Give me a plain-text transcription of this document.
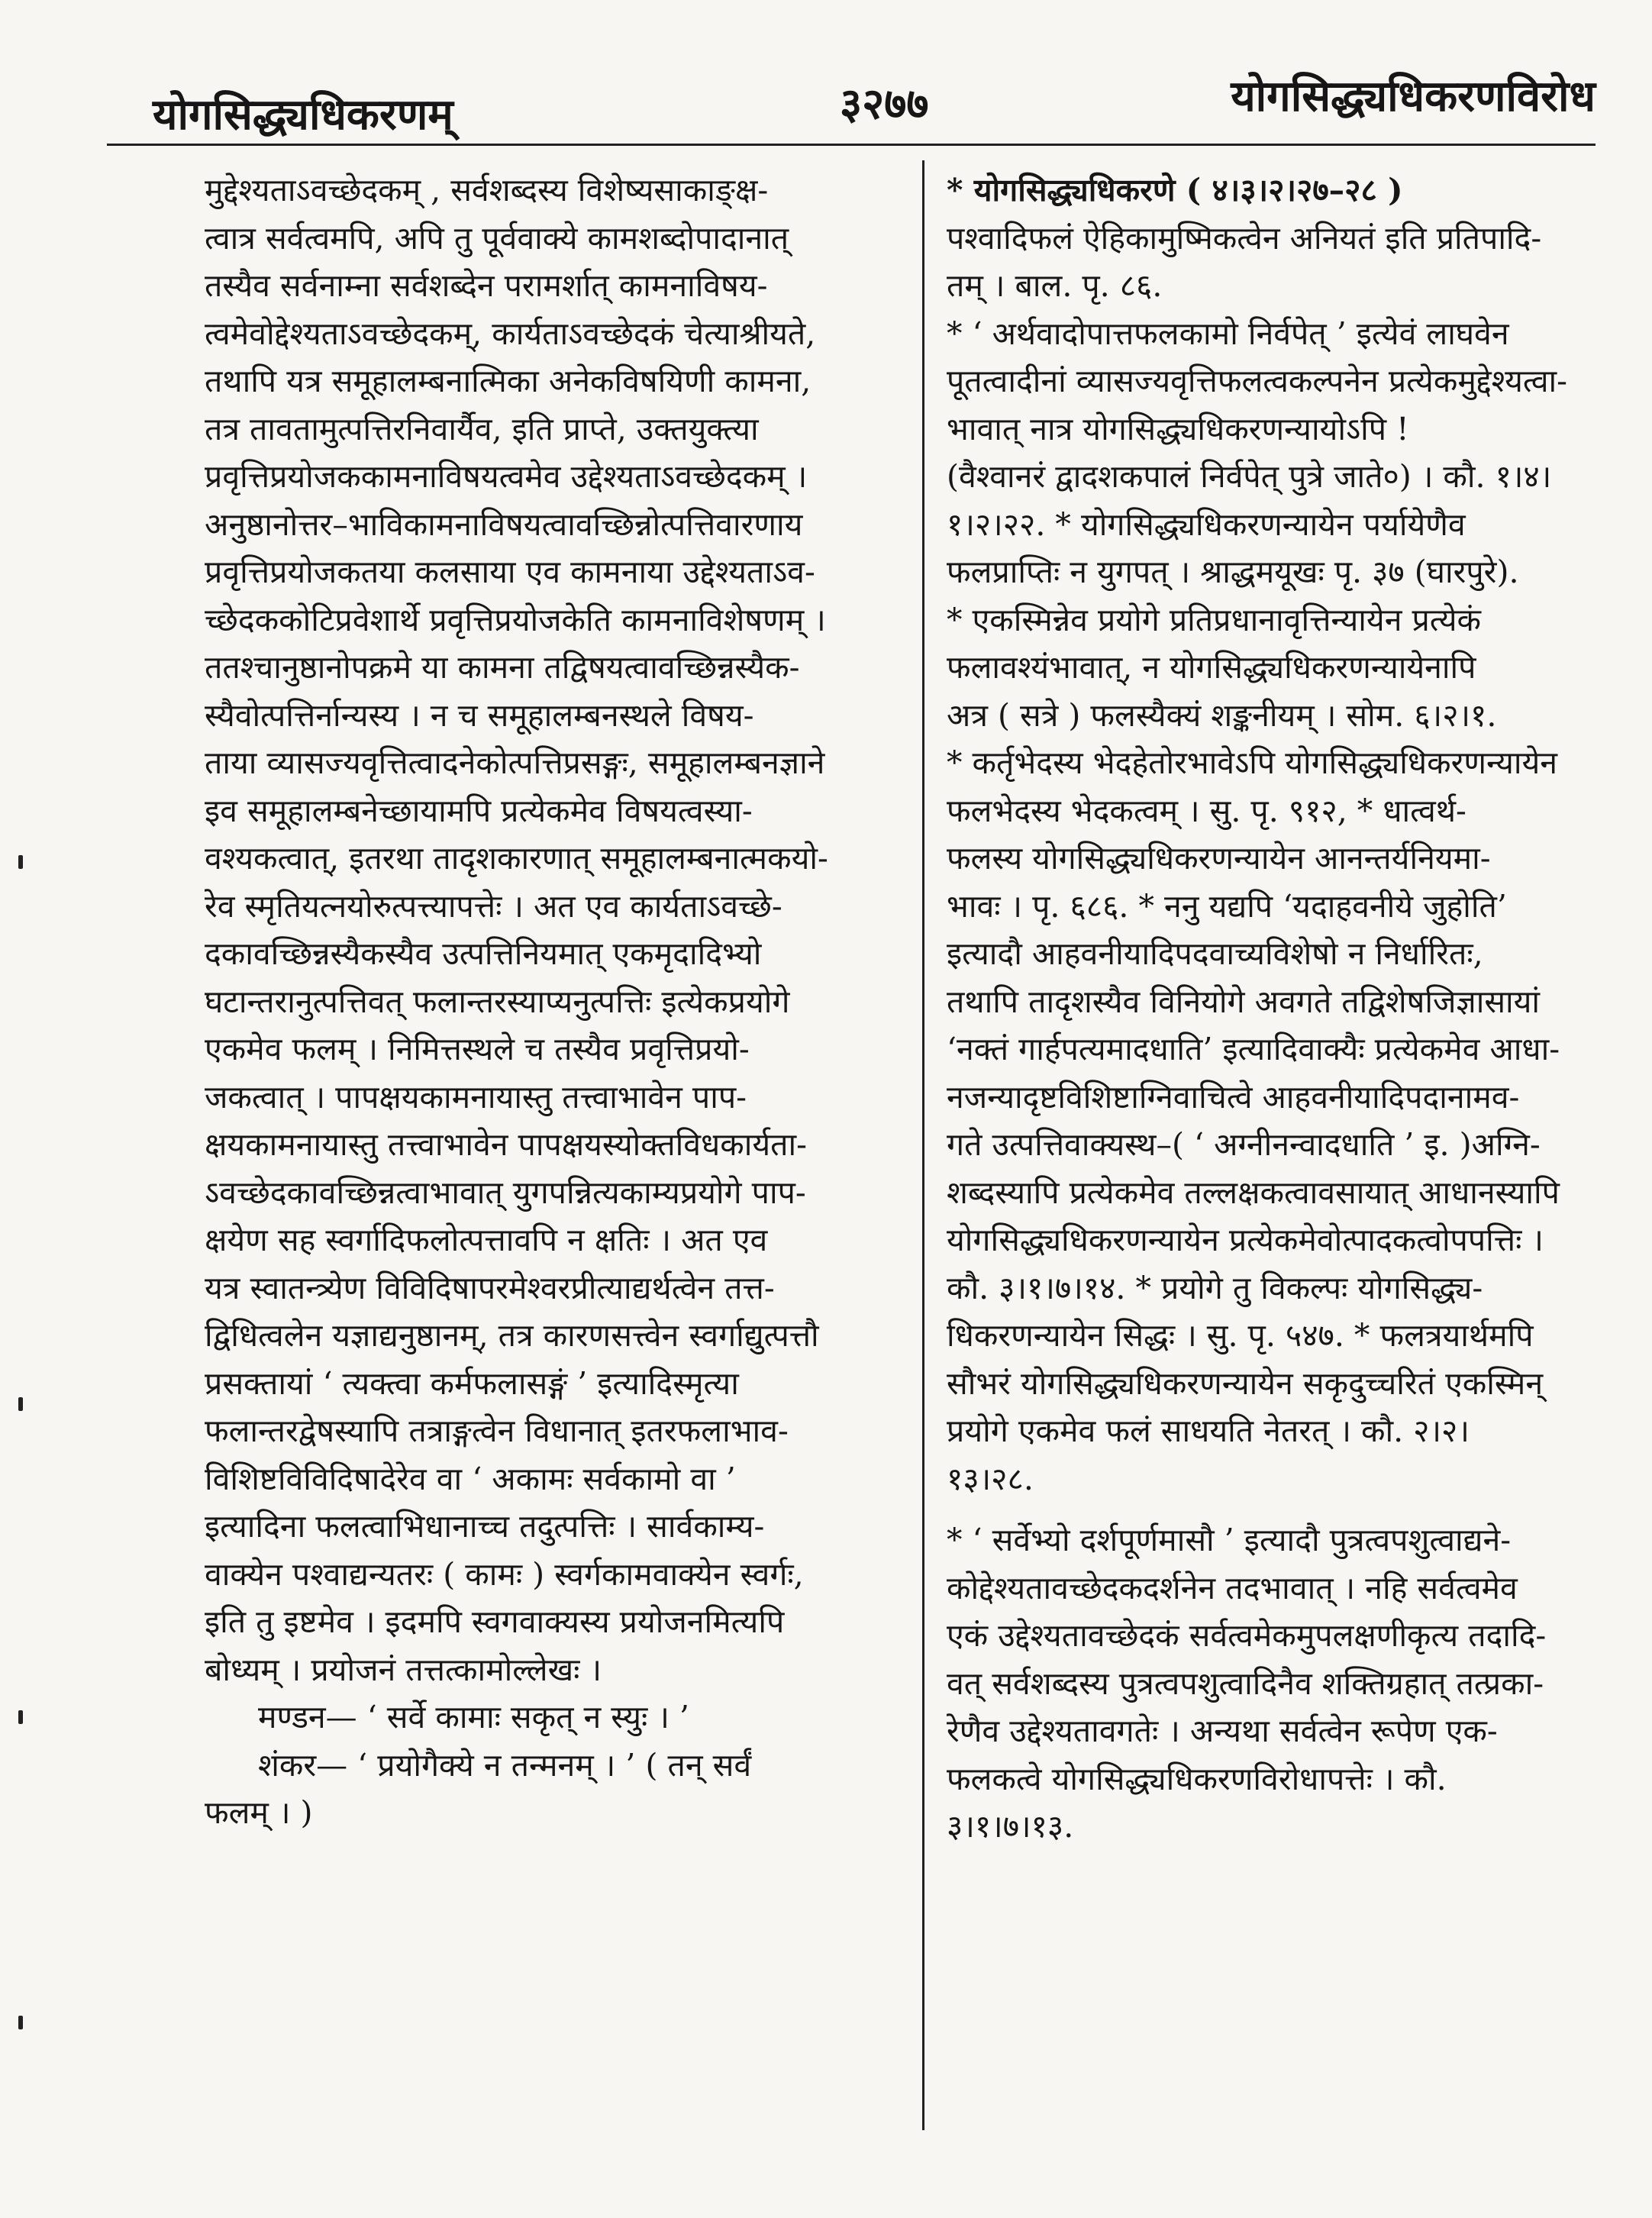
योगसिद्ध्यधिकरणम्	३२७७	योगसिद्ध्यधिकरणविरोध
मुद्देश्यताऽवच्छेदकम् , सर्वशब्दस्य विशेष्यसाकाङ्क्ष-
त्वात्र सर्वत्वमपि, अपि तु पूर्ववाक्ये कामशब्दोपादानात्
तस्यैव सर्वनाम्ना सर्वशब्देन परामर्शात् कामनाविषय-
त्वमेवोद्देश्यताऽवच्छेदकम्, कार्यताऽवच्छेदकं चेत्याश्रीयते,
तथापि यत्र समूहालम्बनात्मिका अनेकविषयिणी कामना,
तत्र तावतामुत्पत्तिरनिवार्यैव, इति प्राप्ते, उक्तयुक्त्या
प्रवृत्तिप्रयोजककामनाविषयत्वमेव उद्देश्यताऽवच्छेदकम् ।
अनुष्ठानोत्तर–भाविकामनाविषयत्वावच्छिन्नोत्पत्तिवारणाय
प्रवृत्तिप्रयोजकतया कलसाया एव कामनाया उद्देश्यताऽव-
च्छेदककोटिप्रवेशार्थे प्रवृत्तिप्रयोजकेति कामनाविशेषणम् ।
ततश्चानुष्ठानोपक्रमे या कामना तद्विषयत्वावच्छिन्नस्यैक-
स्यैवोत्पत्तिर्नान्यस्य । न च समूहालम्बनस्थले विषय-
ताया व्यासज्यवृत्तित्वादनेकोत्पत्तिप्रसङ्गः, समूहालम्बनज्ञाने
इव समूहालम्बनेच्छायामपि प्रत्येकमेव विषयत्वस्या-
वश्यकत्वात्, इतरथा तादृशकारणात् समूहालम्बनात्मकयो-
रेव स्मृतियत्नयोरुत्पत्त्यापत्तेः । अत एव कार्यताऽवच्छे-
दकावच्छिन्नस्यैकस्यैव उत्पत्तिनियमात् एकमृदादिभ्यो
घटान्तरानुत्पत्तिवत् फलान्तरस्याप्यनुत्पत्तिः इत्येकप्रयोगे
एकमेव फलम् । निमित्तस्थले च तस्यैव प्रवृत्तिप्रयो-
जकत्वात् । पापक्षयकामनायास्तु तत्त्वाभावेन पाप-
क्षयकामनायास्तु तत्त्वाभावेन पापक्षयस्योक्तविधकार्यता-
ऽवच्छेदकावच्छिन्नत्वाभावात् युगपन्नित्यकाम्यप्रयोगे पाप-
क्षयेण सह स्वर्गादिफलोत्पत्तावपि न क्षतिः । अत एव
यत्र स्वातन्त्र्येण विविदिषापरमेश्वरप्रीत्याद्यर्थत्वेन तत्त-
द्विधित्वलेन यज्ञाद्यनुष्ठानम्, तत्र कारणसत्त्वेन स्वर्गाद्युत्पत्तौ
प्रसक्तायां ‘ त्यक्त्वा कर्मफलासङ्गं ’ इत्यादिस्मृत्या
फलान्तरद्वेषस्यापि तत्राङ्गत्वेन विधानात् इतरफलाभाव-
विशिष्टविविदिषादेरेव वा ‘ अकामः सर्वकामो वा ’
इत्यादिना फलत्वाभिधानाच्च तदुत्पत्तिः । सार्वकाम्य-
वाक्येन पश्वाद्यन्यतरः ( कामः ) स्वर्गकामवाक्येन स्वर्गः,
इति तु इष्टमेव । इदमपि स्वगवाक्यस्य प्रयोजनमित्यपि
बोध्यम् । प्रयोजनं तत्तत्कामोल्लेखः ।
मण्डन— ‘ सर्वे कामाः सकृत् न स्युः । ’
शंकर— ‘ प्रयोगैक्ये न तन्मनम् । ’ ( तन् सर्वं
फलम् । )
* योगसिद्ध्यधिकरणे ( ४।३।२।२७–२८ )
पश्वादिफलं ऐहिकामुष्मिकत्वेन अनियतं इति प्रतिपादि-
तम् । बाल. पृ. ८६.
* ‘ अर्थवादोपात्तफलकामो निर्वपेत् ’ इत्येवं लाघवेन
पूतत्वादीनां व्यासज्यवृत्तिफलत्वकल्पनेन प्रत्येकमुद्देश्यत्वा-
भावात् नात्र योगसिद्ध्यधिकरणन्यायोऽपि !
(वैश्वानरं द्वादशकपालं निर्वपेत् पुत्रे जाते०) । कौ. १।४।
१।२।२२. * योगसिद्ध्यधिकरणन्यायेन पर्यायेणैव
फलप्राप्तिः न युगपत् । श्राद्धमयूखः पृ. ३७ (घारपुरे).
* एकस्मिन्नेव प्रयोगे प्रतिप्रधानावृत्तिन्यायेन प्रत्येकं
फलावश्यंभावात्, न योगसिद्ध्यधिकरणन्यायेनापि
अत्र ( सत्रे ) फलस्यैक्यं शङ्कनीयम् । सोम. ६।२।१.
* कर्तृभेदस्य भेदहेतोरभावेऽपि योगसिद्ध्यधिकरणन्यायेन
फलभेदस्य भेदकत्वम् । सु. पृ. ९१२, * धात्वर्थ-
फलस्य योगसिद्ध्यधिकरणन्यायेन आनन्तर्यनियमा-
भावः । पृ. ६८६. * ननु यद्यपि ‘यदाहवनीये जुहोति’
इत्यादौ आहवनीयादिपदवाच्यविशेषो न निर्धारितः,
तथापि तादृशस्यैव विनियोगे अवगते तद्विशेषजिज्ञासायां
‘नक्तं गार्हपत्यमादधाति’ इत्यादिवाक्यैः प्रत्येकमेव आधा-
नजन्यादृष्टविशिष्टाग्निवाचित्वे आहवनीयादिपदानामव-
गते उत्पत्तिवाक्यस्थ–( ‘ अग्नीनन्वादधाति ’ इ. )अग्नि-
शब्दस्यापि प्रत्येकमेव तल्लक्षकत्वावसायात् आधानस्यापि
योगसिद्ध्यधिकरणन्यायेन प्रत्येकमेवोत्पादकत्वोपपत्तिः ।
कौ. ३।१।७।१४. * प्रयोगे तु विकल्पः योगसिद्ध्य-
धिकरणन्यायेन सिद्धः । सु. पृ. ५४७. * फलत्रयार्थमपि
सौभरं योगसिद्ध्यधिकरणन्यायेन सकृदुच्चरितं एकस्मिन्
प्रयोगे एकमेव फलं साधयति नेतरत् । कौ. २।२।
१३।२८.
* ‘ सर्वेभ्यो दर्शपूर्णमासौ ’ इत्यादौ पुत्रत्वपशुत्वाद्यने-
कोद्देश्यतावच्छेदकदर्शनेन तदभावात् । नहि सर्वत्वमेव
एकं उद्देश्यतावच्छेदकं सर्वत्वमेकमुपलक्षणीकृत्य तदादि-
वत् सर्वशब्दस्य पुत्रत्वपशुत्वादिनैव शक्तिग्रहात् तत्प्रका-
रेणैव उद्देश्यतावगतेः । अन्यथा सर्वत्वेन रूपेण एक-
फलकत्वे योगसिद्ध्यधिकरणविरोधापत्तेः । कौ.
३।१।७।१३.
